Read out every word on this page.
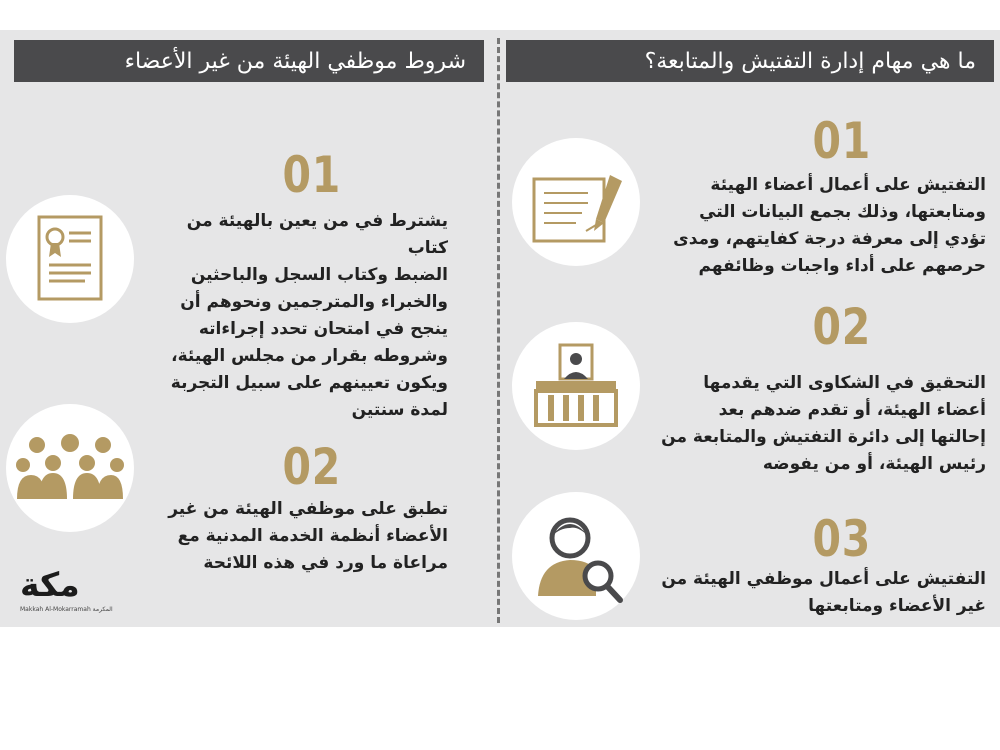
ما هي مهام إدارة التفتيش والمتابعة؟
شروط موظفي الهيئة من غير الأعضاء
01
التفتيش على أعمال أعضاء الهيئة
ومتابعتها، وذلك بجمع البيانات التي
تؤدي إلى معرفة درجة كفايتهم، ومدى
حرصهم على أداء واجبات وظائفهم
02
التحقيق في الشكاوى التي يقدمها
أعضاء الهيئة، أو تقدم ضدهم بعد
إحالتها إلى دائرة التفتيش والمتابعة من
رئيس الهيئة، أو من يفوضه
03
التفتيش على أعمال موظفي الهيئة من
غير الأعضاء ومتابعتها
01
يشترط في من يعين بالهيئة من كتاب
الضبط وكتاب السجل والباحثين
والخبراء والمترجمين ونحوهم أن
ينجح في امتحان تحدد إجراءاته
وشروطه بقرار من مجلس الهيئة،
ويكون تعيينهم على سبيل التجربة
لمدة سنتين
02
تطبق على موظفي الهيئة من غير
الأعضاء أنظمة الخدمة المدنية مع
مراعاة ما ورد في هذه اللائحة
مكة
Makkah Al-Mokarramah المكرمة
